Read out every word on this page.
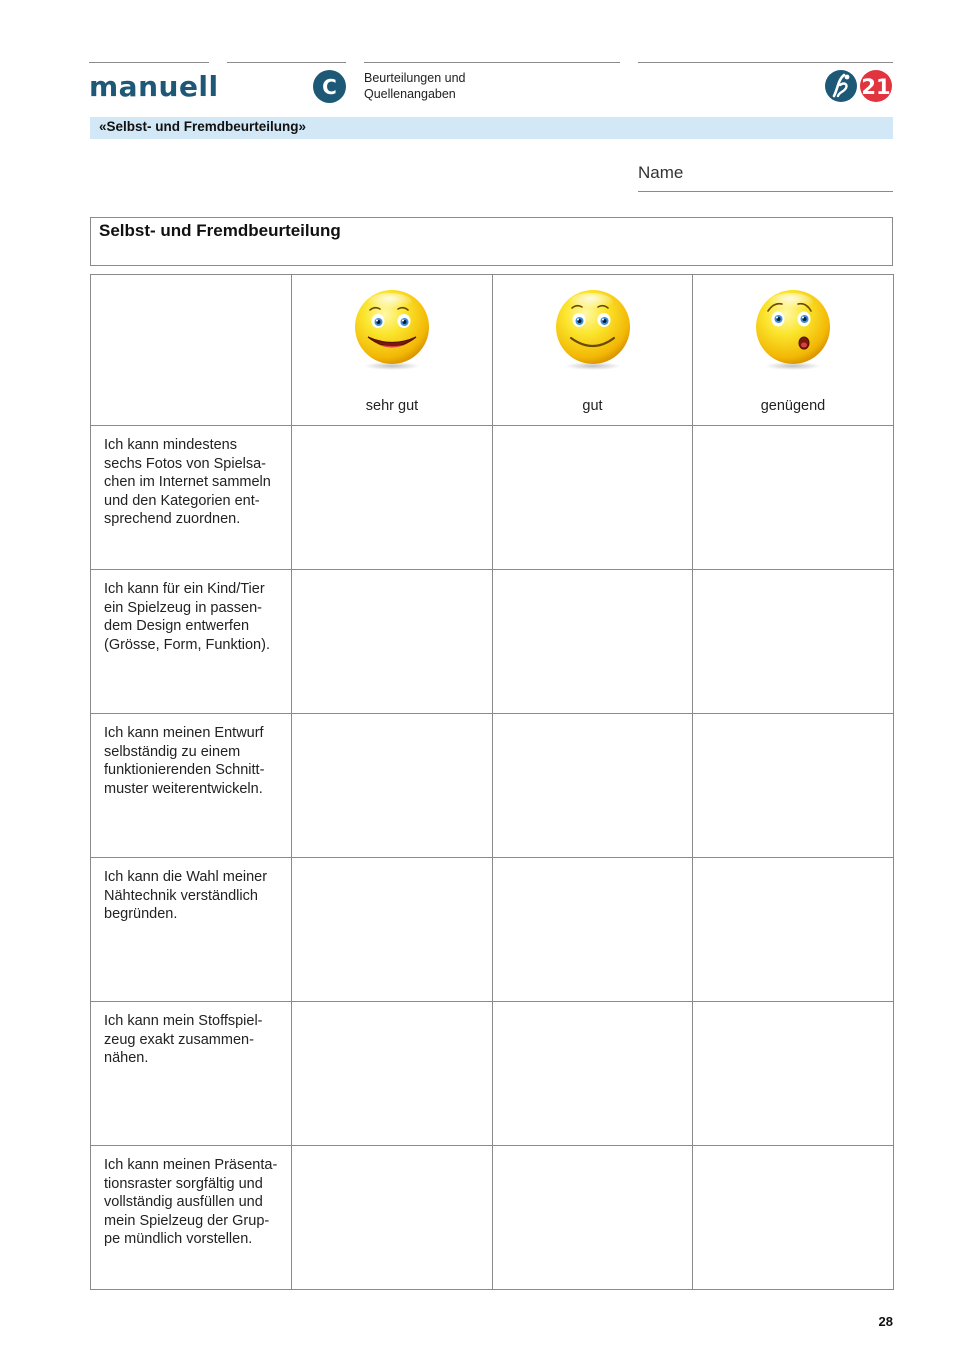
manuell	C	Beurteilungen und
Quellenangaben	21
«Selbst- und Fremdbeurteilung»
Name
Selbst- und Fremdbeurteilung

	sehr gut	gut	genügend

Ich kann mindestens
sechs Fotos von Spielsa-
chen im Internet sammeln
und den Kategorien ent-
sprechend zuordnen.			

Ich kann für ein Kind/Tier
ein Spielzeug in passen-
dem Design entwerfen
(Grösse, Form, Funktion).			

Ich kann meinen Entwurf
selbständig zu einem
funktionierenden Schnitt-
muster weiterentwickeln.			

Ich kann die Wahl meiner
Nähtechnik verständlich
begründen.			

Ich kann mein Stoffspiel-
zeug exakt zusammen-
nähen.			

Ich kann meinen Präsenta-
tionsraster sorgfältig und
vollständig ausfüllen und
mein Spielzeug der Grup-
pe mündlich vorstellen.			

28
